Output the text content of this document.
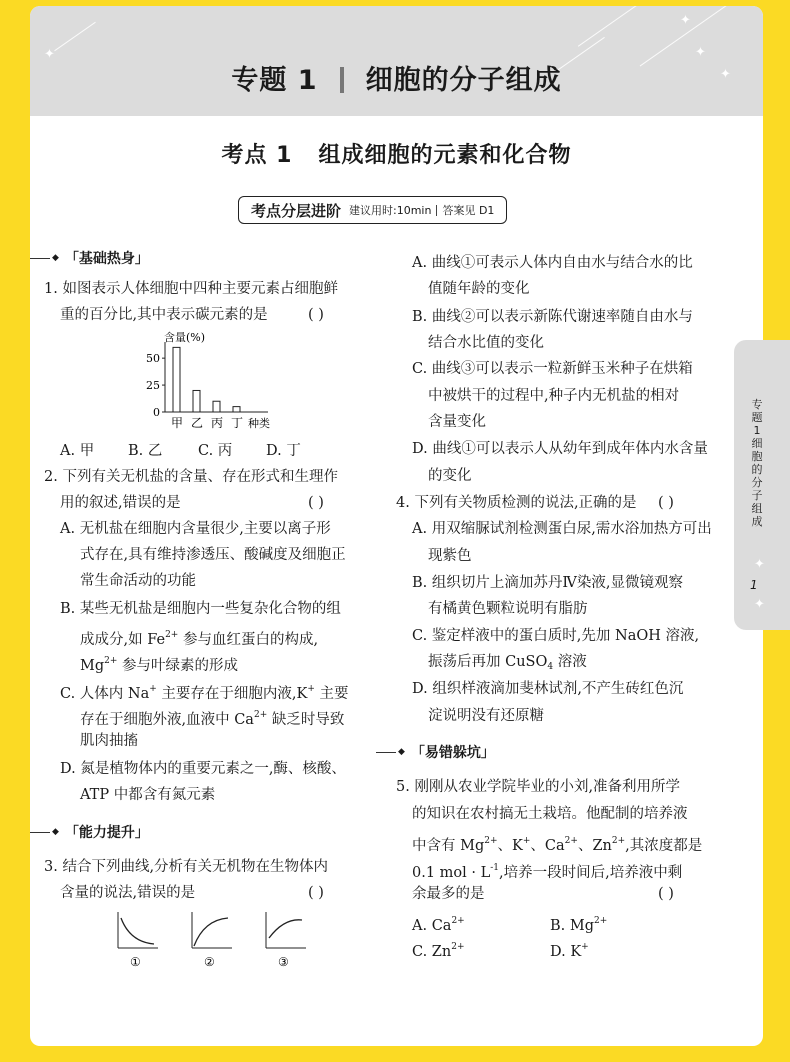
✦
✦
✦
✦
专题 1 细胞的分子组成
考点 1 组成细胞的元素和化合物
考点分层进阶 建议用时:10min 答案见 D1
◆ 「基础热身」
1. 如图表示人体细胞中四种主要元素占细胞鲜
重的百分比,其中表示碳元素的是	( )
含量(%)
0
25
50
甲 乙 丙 丁 种类
A. 甲 B. 乙 C. 丙 D. 丁
2. 下列有关无机盐的含量、存在形式和生理作
用的叙述,错误的是	( )
A. 无机盐在细胞内含量很少,主要以离子形
式存在,具有维持渗透压、酸碱度及细胞正
常生命活动的功能
B. 某些无机盐是细胞内一些复杂化合物的组
成成分,如 $Fe^{2+}$ 参与血红蛋白的构成,
$Mg^{2+}$ 参与叶绿素的形成
C. 人体内 Na+ 主要存在于细胞内液,K+ 主要
存在于细胞外液,血液中 $Ca^{2+}$ 缺乏时导致
肌肉抽搐
D. 氮是植物体内的重要元素之一,酶、核酸、
ATP 中都含有氮元素
◆ 「能力提升」
3. 结合下列曲线,分析有关无机物在生物体内
含量的说法,错误的是	( )
①	②	③
A. 曲线①可表示人体内自由水与结合水的比
值随年龄的变化
B. 曲线②可以表示新陈代谢速率随自由水与
结合水比值的变化
C. 曲线③可以表示一粒新鲜玉米种子在烘箱
中被烘干的过程中,种子内无机盐的相对
含量变化
D. 曲线①可以表示人从幼年到成年体内水含量
的变化
4. 下列有关物质检测的说法,正确的是 ( )
A. 用双缩脲试剂检测蛋白尿,需水浴加热方可出
现紫色
B. 组织切片上滴加苏丹Ⅳ染液,显微镜观察
有橘黄色颗粒说明有脂肪
C. 鉴定样液中的蛋白质时,先加 NaOH 溶液,
振荡后再加 CuSO$_4$ 溶液
D. 组织样液滴加斐林试剂,不产生砖红色沉
淀说明没有还原糖
◆ 「易错躲坑」
5. 刚刚从农业学院毕业的小刘,准备利用所学
的知识在农村搞无土栽培。他配制的培养液
中含有 $Mg^{2+}$、K+、$Ca^{2+}$、$Zn^{2+}$,其浓度都是
0.1 mol · $L^{-1}$,培养一段时间后,培养液中剩
余最多的是	( )
A. $Ca^{2+}$	B. $Mg^{2+}$
C. $Zn^{2+}$	D. K+
专题1 细胞的分子组成
✦
1
✦
